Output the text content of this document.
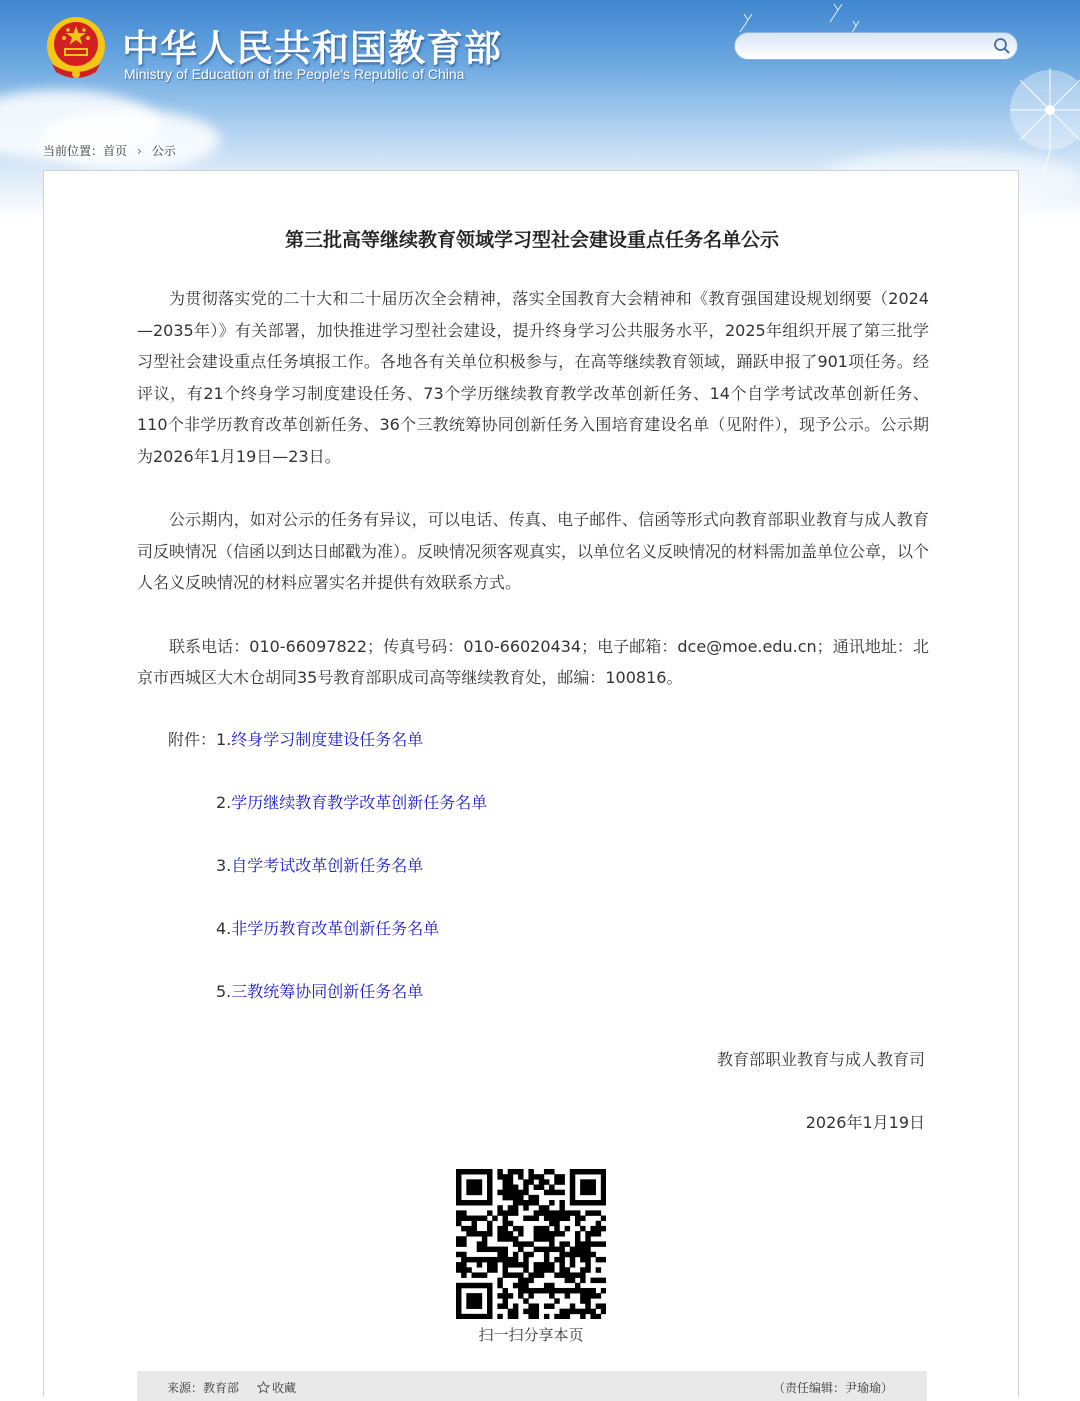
中华人民共和国教育部
Ministry of Education of the People's Republic of China
当前位置： 首页 › 公示
第三批高等继续教育领域学习型社会建设重点任务名单公示

为贯彻落实党的二十大和二十届历次全会精神，落实全国教育大会精神和《教育强国建设规划纲要（2024—2035年）》有关部署，加快推进学习型社会建设，提升终身学习公共服务水平，2025年组织开展了第三批学习型社会建设重点任务填报工作。各地各有关单位积极参与，在高等继续教育领域，踊跃申报了901项任务。经评议，有21个终身学习制度建设任务、73个学历继续教育教学改革创新任务、14个自学考试改革创新任务、110个非学历教育改革创新任务、36个三教统筹协同创新任务入围培育建设名单（见附件），现予公示。公示期为2026年1月19日—23日。

公示期内，如对公示的任务有异议，可以电话、传真、电子邮件、信函等形式向教育部职业教育与成人教育司反映情况（信函以到达日邮戳为准）。反映情况须客观真实，以单位名义反映情况的材料需加盖单位公章，以个人名义反映情况的材料应署实名并提供有效联系方式。

联系电话：010-66097822；传真号码：010-66020434；电子邮箱：dce@moe.edu.cn；通讯地址：北京市西城区大木仓胡同35号教育部职成司高等继续教育处，邮编：100816。

附件：1.终身学习制度建设任务名单
2.学历继续教育教学改革创新任务名单
3.自学考试改革创新任务名单
4.非学历教育改革创新任务名单
5.三教统筹协同创新任务名单
教育部职业教育与成人教育司
2026年1月19日
扫一扫分享本页
来源：教育部	收藏	（责任编辑：尹瑜瑜）
